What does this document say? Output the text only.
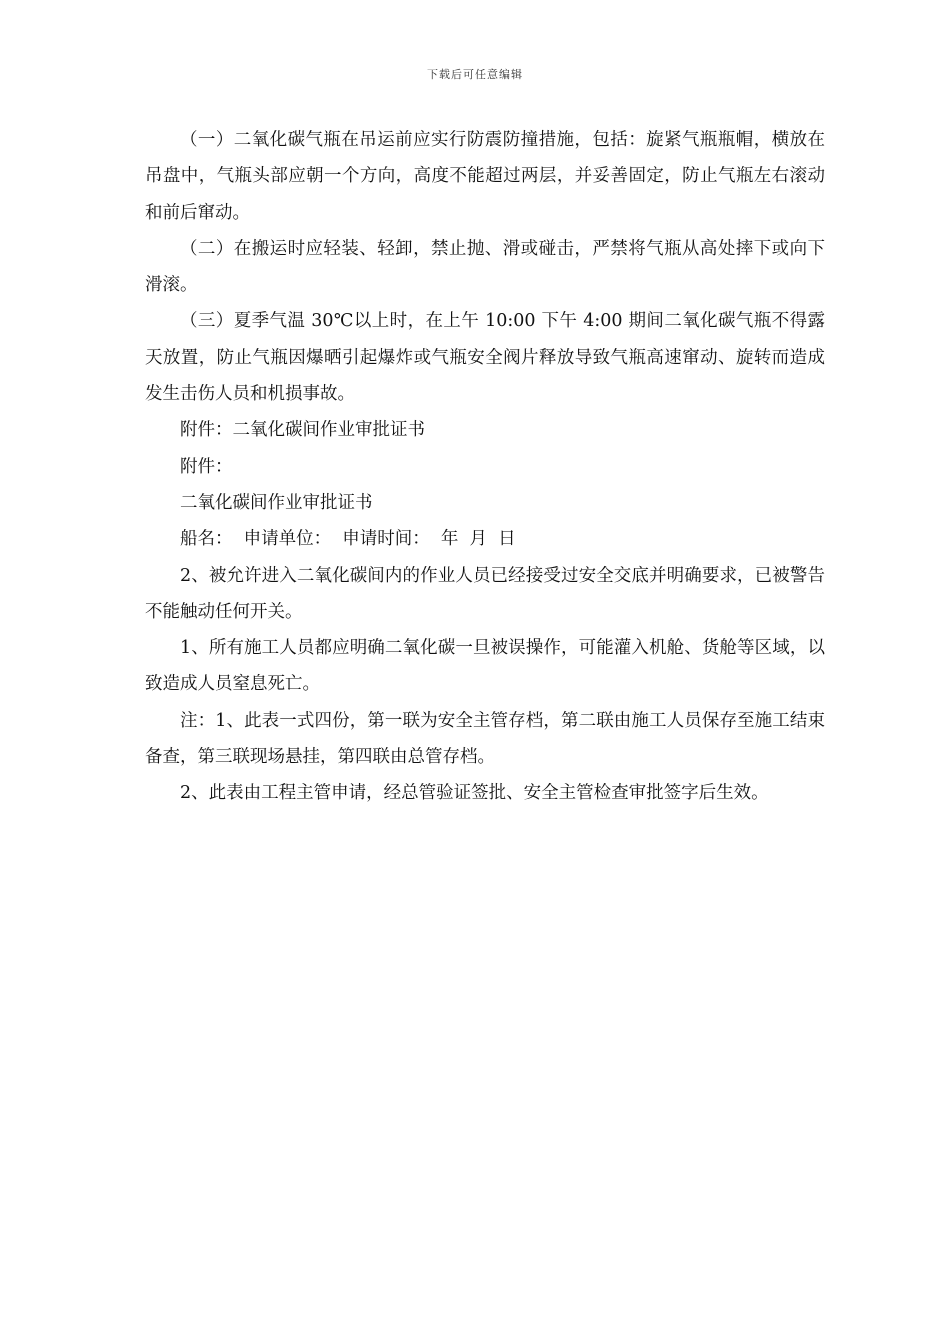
下载后可任意编辑

（一）二氧化碳气瓶在吊运前应实行防震防撞措施，包括：旋紧气瓶瓶帽，横放在吊盘中，气瓶头部应朝一个方向，高度不能超过两层，并妥善固定，防止气瓶左右滚动和前后窜动。

（二）在搬运时应轻装、轻卸，禁止抛、滑或碰击，严禁将气瓶从高处摔下或向下滑滚。

（三）夏季气温 30℃以上时，在上午 10:00 下午 4:00 期间二氧化碳气瓶不得露天放置，防止气瓶因爆晒引起爆炸或气瓶安全阀片释放导致气瓶高速窜动、旋转而造成发生击伤人员和机损事故。

附件：二氧化碳间作业审批证书

附件：

二氧化碳间作业审批证书

船名：  申请单位：  申请时间：  年  月  日

2、被允许进入二氧化碳间内的作业人员已经接受过安全交底并明确要求，已被警告不能触动任何开关。

1、所有施工人员都应明确二氧化碳一旦被误操作，可能灌入机舱、货舱等区域，以致造成人员窒息死亡。

注：1、此表一式四份，第一联为安全主管存档，第二联由施工人员保存至施工结束备查，第三联现场悬挂，第四联由总管存档。

2、此表由工程主管申请，经总管验证签批、安全主管检查审批签字后生效。
